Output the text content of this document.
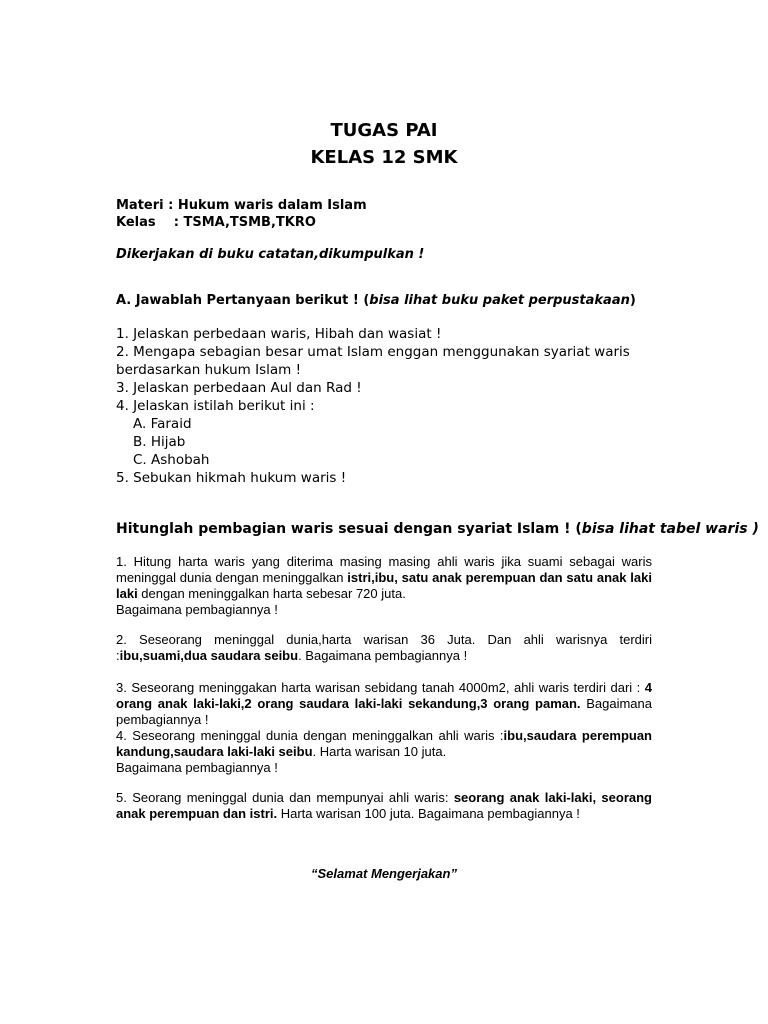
TUGAS PAI
KELAS 12 SMK
Materi : Hukum waris dalam Islam
Kelas : TSMA,TSMB,TKRO
Dikerjakan di buku catatan,dikumpulkan !
A. Jawablah Pertanyaan berikut ! (bisa lihat buku paket perpustakaan)
1. Jelaskan perbedaan waris, Hibah dan wasiat !
2. Mengapa sebagian besar umat Islam enggan menggunakan syariat waris
berdasarkan hukum Islam !
3. Jelaskan perbedaan Aul dan Rad !
4. Jelaskan istilah berikut ini :
A. Faraid
B. Hijab
C. Ashobah
5. Sebukan hikmah hukum waris !
Hitunglah pembagian waris sesuai dengan syariat Islam ! (bisa lihat tabel waris )

1. Hitung harta waris yang diterima masing masing ahli waris jika suami sebagai waris meninggal dunia dengan meninggalkan istri,ibu, satu anak perempuan dan satu anak laki laki dengan meninggalkan harta sebesar 720 juta.

Bagaimana pembagiannya !

2. Seseorang meninggal dunia,harta warisan 36 Juta. Dan ahli warisnya terdiri :ibu,suami,dua saudara seibu. Bagaimana pembagiannya !

3. Seseorang meninggakan harta warisan sebidang tanah 4000m2, ahli waris terdiri dari : 4 orang anak laki-laki,2 orang saudara laki-laki sekandung,3 orang paman. Bagaimana pembagiannya !

4. Seseorang meninggal dunia dengan meninggalkan ahli waris :ibu,saudara perempuan kandung,saudara laki-laki seibu. Harta warisan 10 juta.

Bagaimana pembagiannya !

5. Seorang meninggal dunia dan mempunyai ahli waris: seorang anak laki-laki, seorang anak perempuan dan istri. Harta warisan 100 juta. Bagaimana pembagiannya !

“Selamat Mengerjakan”
